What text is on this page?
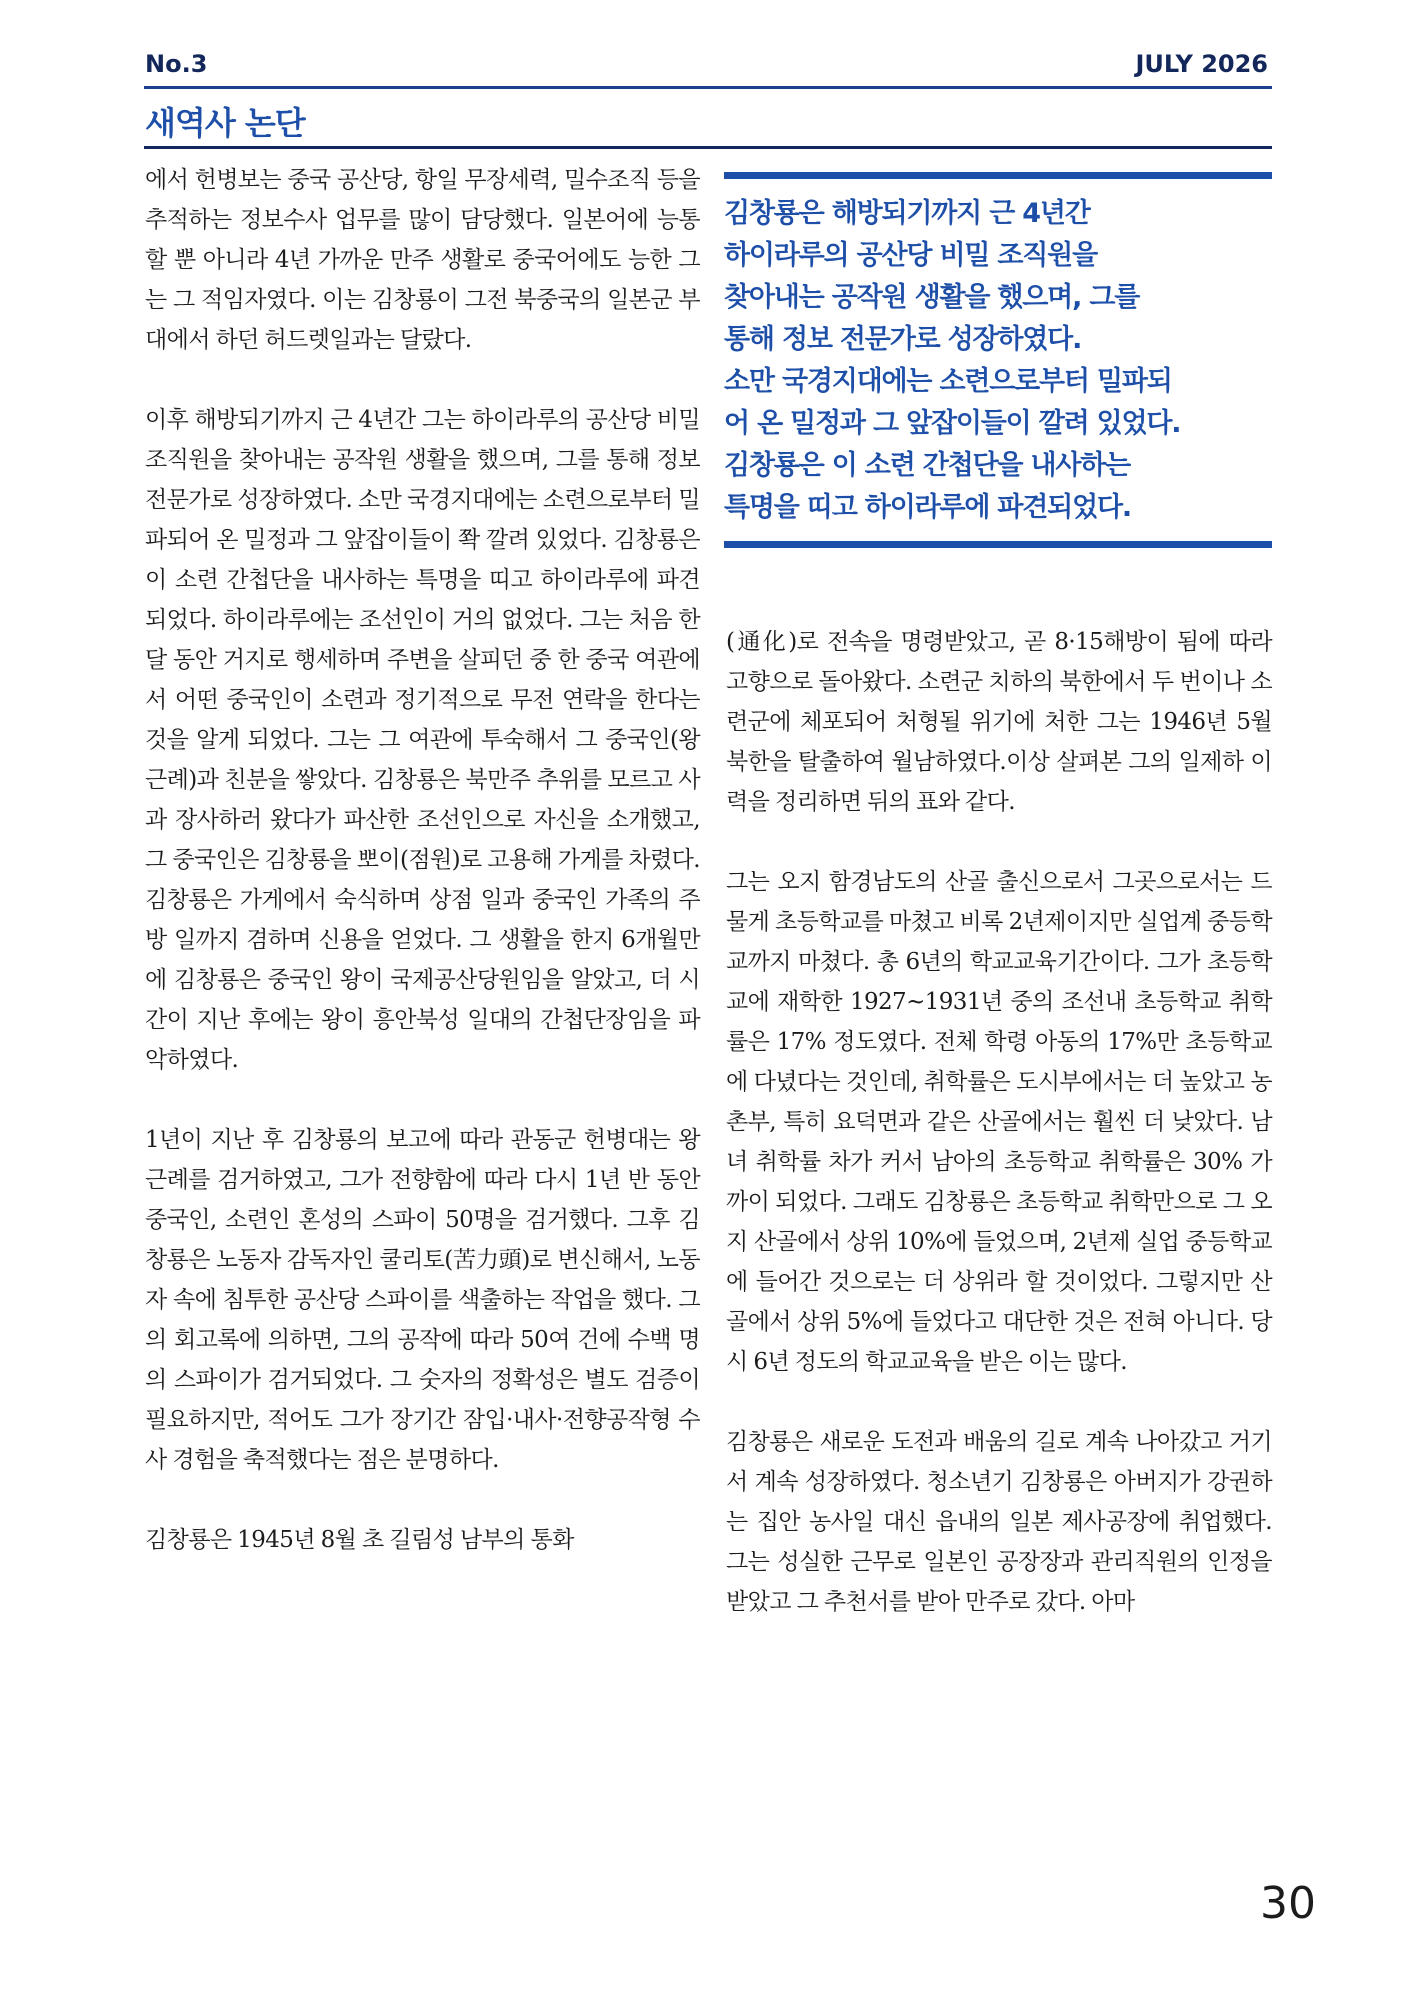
No.3	JULY 2026
새역사 논단

에서 헌병보는 중국 공산당, 항일 무장세력, 밀수조직 등을 추적하는 정보수사 업무를 많이 담당했다. 일본어에 능통할 뿐 아니라 4년 가까운 만주 생활로 중국어에도 능한 그는 그 적임자였다. 이는 김창룡이 그전 북중국의 일본군 부대에서 하던 허드렛일과는 달랐다.

이후 해방되기까지 근 4년간 그는 하이라루의 공산당 비밀 조직원을 찾아내는 공작원 생활을 했으며, 그를 통해 정보 전문가로 성장하였다. 소만 국경지대에는 소련으로부터 밀파되어 온 밀정과 그 앞잡이들이 쫙 깔려 있었다. 김창룡은 이 소련 간첩단을 내사하는 특명을 띠고 하이라루에 파견되었다. 하이라루에는 조선인이 거의 없었다. 그는 처음 한 달 동안 거지로 행세하며 주변을 살피던 중 한 중국 여관에서 어떤 중국인이 소련과 정기적으로 무전 연락을 한다는 것을 알게 되었다. 그는 그 여관에 투숙해서 그 중국인(왕근례)과 친분을 쌓았다. 김창룡은 북만주 추위를 모르고 사과 장사하러 왔다가 파산한 조선인으로 자신을 소개했고, 그 중국인은 김창룡을 뽀이(점원)로 고용해 가게를 차렸다. 김창룡은 가게에서 숙식하며 상점 일과 중국인 가족의 주방 일까지 겸하며 신용을 얻었다. 그 생활을 한지 6개월만에 김창룡은 중국인 왕이 국제공산당원임을 알았고, 더 시간이 지난 후에는 왕이 흥안북성 일대의 간첩단장임을 파악하였다.

1년이 지난 후 김창룡의 보고에 따라 관동군 헌병대는 왕근례를 검거하였고, 그가 전향함에 따라 다시 1년 반 동안 중국인, 소련인 혼성의 스파이 50명을 검거했다. 그후 김창룡은 노동자 감독자인 쿨리토(苦力頭)로 변신해서, 노동자 속에 침투한 공산당 스파이를 색출하는 작업을 했다. 그의 회고록에 의하면, 그의 공작에 따라 50여 건에 수백 명의 스파이가 검거되었다. 그 숫자의 정확성은 별도 검증이 필요하지만, 적어도 그가 장기간 잠입·내사·전향공작형 수사 경험을 축적했다는 점은 분명하다.

김창룡은 1945년 8월 초 길림성 남부의 통화

김창룡은 해방되기까지 근 4년간
하이라루의 공산당 비밀 조직원을
찾아내는 공작원 생활을 했으며, 그를
통해 정보 전문가로 성장하였다.
소만 국경지대에는 소련으로부터 밀파되
어 온 밀정과 그 앞잡이들이 깔려 있었다.
김창룡은 이 소련 간첩단을 내사하는
특명을 띠고 하이라루에 파견되었다.

(通化)로 전속을 명령받았고, 곧 8·15해방이 됨에 따라 고향으로 돌아왔다. 소련군 치하의 북한에서 두 번이나 소련군에 체포되어 처형될 위기에 처한 그는 1946년 5월 북한을 탈출하여 월남하였다.이상 살펴본 그의 일제하 이력을 정리하면 뒤의 표와 같다.

그는 오지 함경남도의 산골 출신으로서 그곳으로서는 드물게 초등학교를 마쳤고 비록 2년제이지만 실업계 중등학교까지 마쳤다. 총 6년의 학교교육기간이다. 그가 초등학교에 재학한 1927~1931년 중의 조선내 초등학교 취학률은 17% 정도였다. 전체 학령 아동의 17%만 초등학교에 다녔다는 것인데, 취학률은 도시부에서는 더 높았고 농촌부, 특히 요덕면과 같은 산골에서는 훨씬 더 낮았다. 남녀 취학률 차가 커서 남아의 초등학교 취학률은 30% 가까이 되었다. 그래도 김창룡은 초등학교 취학만으로 그 오지 산골에서 상위 10%에 들었으며, 2년제 실업 중등학교에 들어간 것으로는 더 상위라 할 것이었다. 그렇지만 산골에서 상위 5%에 들었다고 대단한 것은 전혀 아니다. 당시 6년 정도의 학교교육을 받은 이는 많다.

김창룡은 새로운 도전과 배움의 길로 계속 나아갔고 거기서 계속 성장하였다. 청소년기 김창룡은 아버지가 강권하는 집안 농사일 대신 읍내의 일본 제사공장에 취업했다. 그는 성실한 근무로 일본인 공장장과 관리직원의 인정을 받았고 그 추천서를 받아 만주로 갔다. 아마

30
